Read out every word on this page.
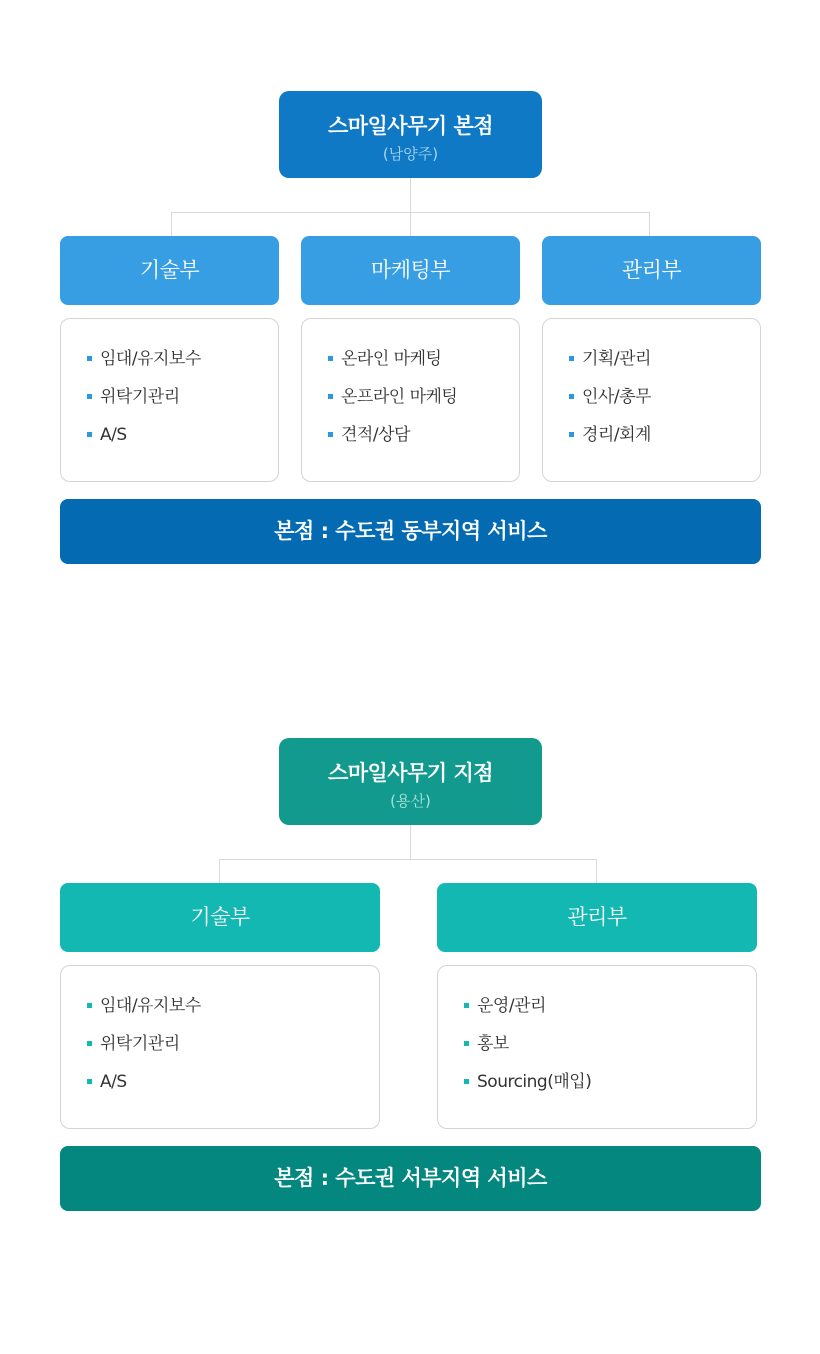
스마일사무기 본점
(남양주)
기술부	마케팅부	관리부
임대/유지보수
위탁기관리
A/S
온라인 마케팅
온프라인 마케팅
견적/상담
기획/관리
인사/총무
경리/회계
본점 : 수도권 동부지역 서비스
스마일사무기 지점
(용산)
기술부	관리부
임대/유지보수
위탁기관리
A/S
운영/관리
홍보
Sourcing(매입)
본점 : 수도권 서부지역 서비스
